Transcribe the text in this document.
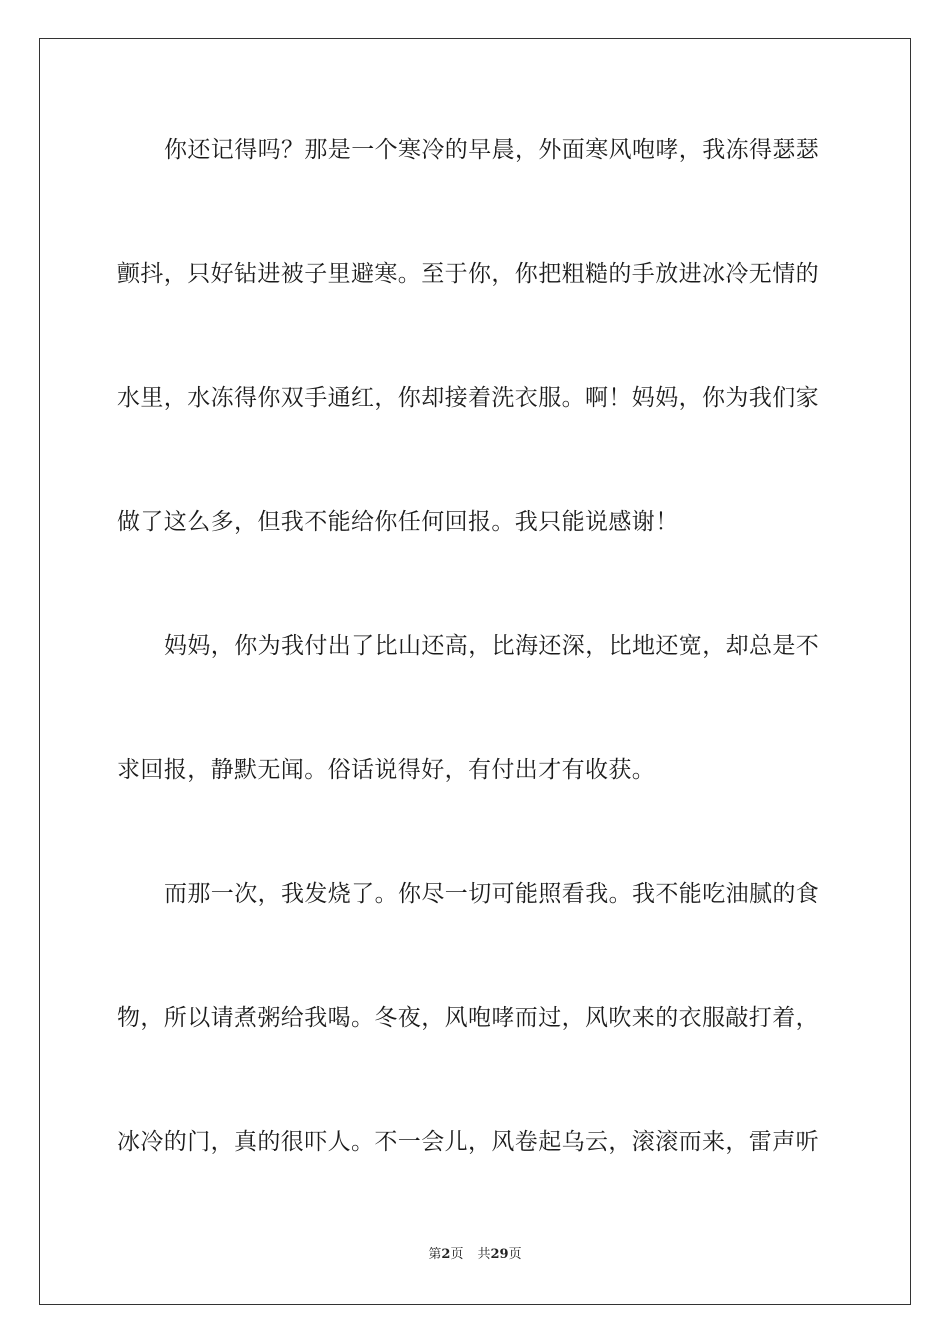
你还记得吗？那是一个寒冷的早晨，外面寒风咆哮，我冻得瑟瑟
颤抖，只好钻进被子里避寒。至于你，你把粗糙的手放进冰冷无情的
水里，水冻得你双手通红，你却接着洗衣服。啊！妈妈，你为我们家
做了这么多，但我不能给你任何回报。我只能说感谢！
妈妈，你为我付出了比山还高，比海还深，比地还宽，却总是不
求回报，静默无闻。俗话说得好，有付出才有收获。
而那一次，我发烧了。你尽一切可能照看我。我不能吃油腻的食
物，所以请煮粥给我喝。冬夜，风咆哮而过，风吹来的衣服敲打着，
冰冷的门，真的很吓人。不一会儿，风卷起乌云，滚滚而来，雷声听
第2页 共29页
